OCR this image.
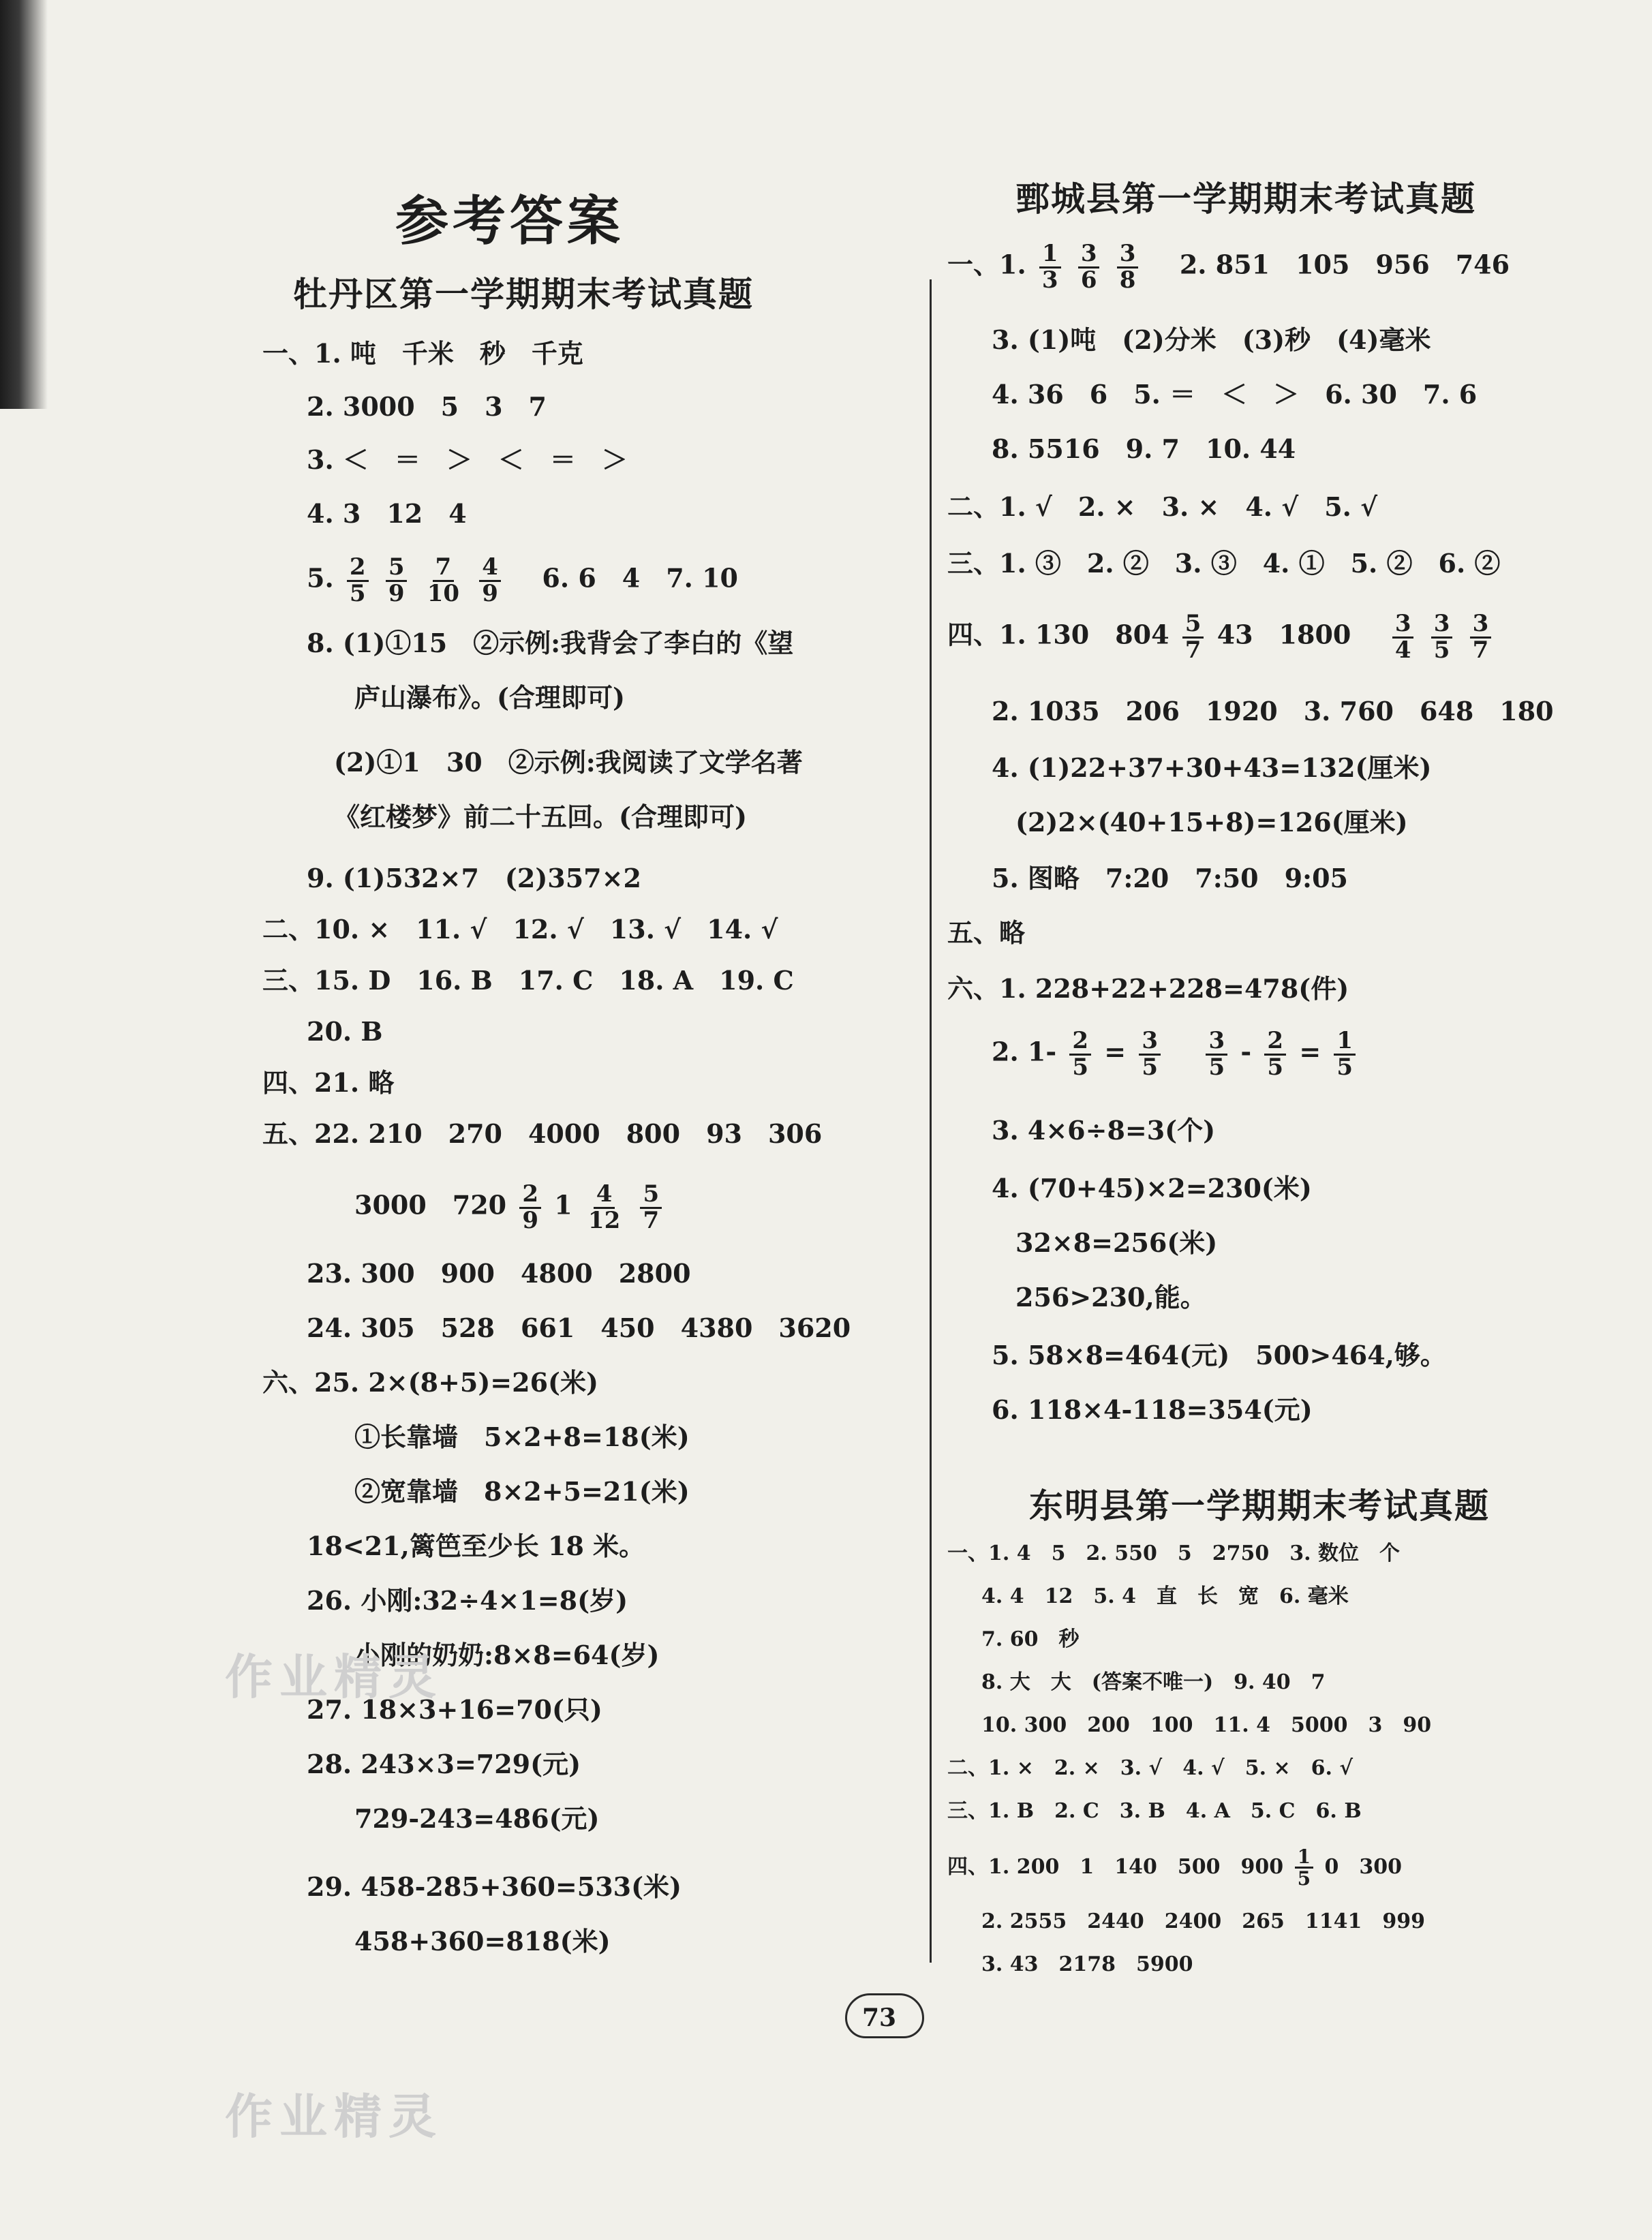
参考答案
牡丹区第一学期期末考试真题
一、1. 吨　千米　秒　千克
2. 3000　5　3　7
3. ＜　＝　＞　＜　＝　＞
4. 3　12　4
5. $\frac{2}{5}$
$\frac{5}{9}$
$\frac{7}{10}$
$\frac{4}{9} 6$. 6　4　7. 10
8. (1)①15　②示例:我背会了李白的《望
庐山瀑布》。(合理即可)
(2)①1　30　②示例:我阅读了文学名著
《红楼梦》前二十五回。(合理即可)
9. (1)532×7　(2)357×2
二、10. ×　11. √　12. √　13. √　14. √
三、15. D　16. B　17. C　18. A　19. C
20. B
四、21. 略
五、22. 210　270　4000　800　93　306
3000　$720 \frac{2}{9} 1 \frac{4}{12}$
$\frac{5}{7}$
23. 300　900　4800　2800
24. 305　528　661　450　4380　3620
六、25. 2×(8+5)=26(米)
①长靠墙　5×2+8=18(米)
②宽靠墙　8×2+5=21(米)
18<21,篱笆至少长 18 米。
26. 小刚:32÷4×1=8(岁)
小刚的奶奶:8×8=64(岁)
27. 18×3+16=70(只)
28. 243×3=729(元)
729-243=486(元)
29. 458-285+360=533(米)
458+360=818(米)
作业精灵
作业精灵
鄄城县第一学期期末考试真题
一、1. $\frac{1}{3}$
$\frac{3}{6}$
$\frac{3}{8} 2$. 851　105　956　746
3. (1)吨　(2)分米　(3)秒　(4)毫米
4. 36　6　5. ＝　＜　＞　6. 30　7. 6
8. 5516　9. 7　10. 44
二、1. √　2. ×　3. ×　4. √　5. √
三、1. ③　2. ②　3. ③　4. ①　5. ②　6. ②
四、1. 130　$804 \frac{5}{7} 43$　$1800 \frac{3}{4}$
$\frac{3}{5}$
$\frac{3}{7}$
2. 1035　206　1920　3. 760　648　180
4. (1)22+37+30+43=132(厘米)
(2)2×(40+15+8)=126(厘米)
5. 图略　7:20　7:50　9:05
五、略
六、1. 228+22+228=478(件)
2. $1- \frac{2}{5} = \frac{3}{5}$
$\frac{3}{5} - \frac{2}{5} = \frac{1}{5}$
3. 4×6÷8=3(个)
4. (70+45)×2=230(米)
32×8=256(米)
256>230,能。
5. 58×8=464(元)　500>464,够。
6. 118×4-118=354(元)
东明县第一学期期末考试真题
一、1. 4　5　2. 550　5　2750　3. 数位　个
4. 4　12　5. 4　直　长　宽　6. 毫米
7. 60　秒
8. 大　大　(答案不唯一)　9. 40　7
10. 300　200　100　11. 4　5000　3　90
二、1. ×　2. ×　3. √　4. √　5. ×　6. √
三、1. B　2. C　3. B　4. A　5. C　6. B
四、1. 200　1　140　500　$900 \frac{1}{5} 0$　300
2. 2555　2440　2400　265　1141　999
3. 43　2178　5900
73
